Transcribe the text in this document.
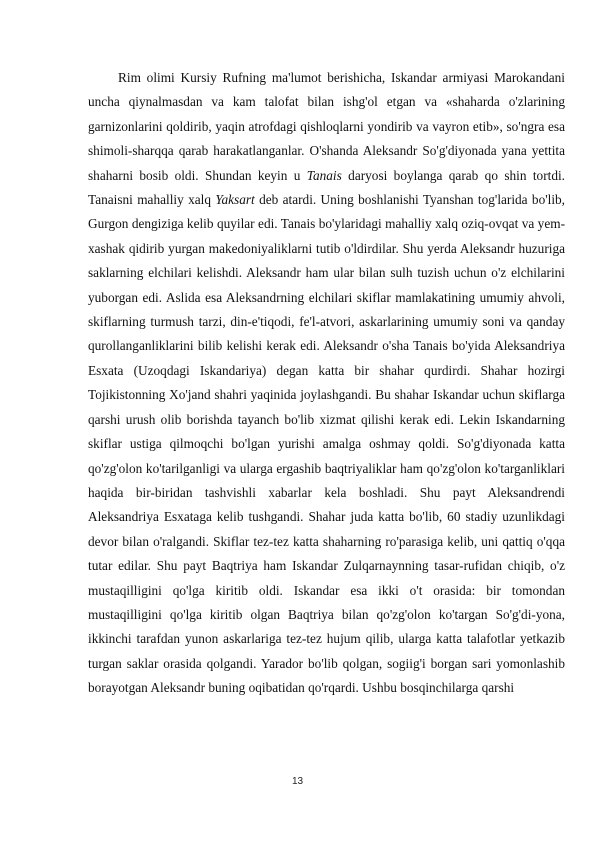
Rim olimi Kursiy Rufning ma'lumot berishicha, Iskandar armiyasi Marokandani uncha qiynalmasdan va kam talofat bilan ishg'ol etgan va «shaharda o'zlarining garnizonlarini qoldirib, yaqin atrofdagi qishloqlarni yondirib va vayron etib», so'ngra esa shimoli-sharqqa qarab harakatlanganlar. O'shanda Aleksandr So'g'diyonada yana yettita shaharni bosib oldi. Shundan keyin u Tanais daryosi boylanga qarab qo shin tortdi. Tanaisni mahalliy xalq Yaksart deb atardi. Uning boshlanishi Tyanshan tog'larida bo'lib, Gurgon dengiziga kelib quyilar edi. Tanais bo'ylaridagi mahalliy xalq oziq-ovqat va yem-xashak qidirib yurgan makedoniyaliklarni tutib o'ldirdilar. Shu yerda Aleksandr huzuriga saklarning elchilari kelishdi. Aleksandr ham ular bilan sulh tuzish uchun o'z elchilarini yuborgan edi. Aslida esa Aleksandrning elchilari skiflar mamlakatining umumiy ahvoli, skiflarning turmush tarzi, din-e'tiqodi, fe'l-atvori, askarlarining umumiy soni va qanday qurollanganliklarini bilib kelishi kerak edi. Aleksandr o'sha Tanais bo'yida Aleksandriya Esxata (Uzoqdagi Iskandariya) degan katta bir shahar qurdirdi. Shahar hozirgi Tojikistonning Xo'jand shahri yaqinida joylashgandi. Bu shahar Iskandar uchun skiflarga qarshi urush olib borishda tayanch bo'lib xizmat qilishi kerak edi. Lekin Iskandarning skiflar ustiga qilmoqchi bo'lgan yurishi amalga oshmay qoldi. So'g'diyonada katta qo'zg'olon ko'tarilganligi va ularga ergashib baqtriyaliklar ham qo'zg'olon ko'targanliklari haqida bir-biridan tashvishli xabarlar kela boshladi. Shu payt Aleksandrendi Aleksandriya Esxataga kelib tushgandi. Shahar juda katta bo'lib, 60 stadiy uzunlikdagi devor bilan o'ralgandi. Skiflar tez-tez katta shaharning ro'parasiga kelib, uni qattiq o'qqa tutar edilar. Shu payt Baqtriya ham Iskandar Zulqarnaynning tasar-rufidan chiqib, o'z mustaqilligini qo'lga kiritib oldi. Iskandar esa ikki o't orasida: bir tomondan mustaqilligini qo'lga kiritib olgan Baqtriya bilan qo'zg'olon ko'targan So'g'di-yona, ikkinchi tarafdan yunon askarlariga tez-tez hujum qilib, ularga katta talafotlar yetkazib turgan saklar orasida qolgandi. Yarador bo'lib qolgan, sogiig'i borgan sari yomonlashib borayotgan Aleksandr buning oqibatidan qo'rqardi. Ushbu bosqinchilarga qarshi

13
